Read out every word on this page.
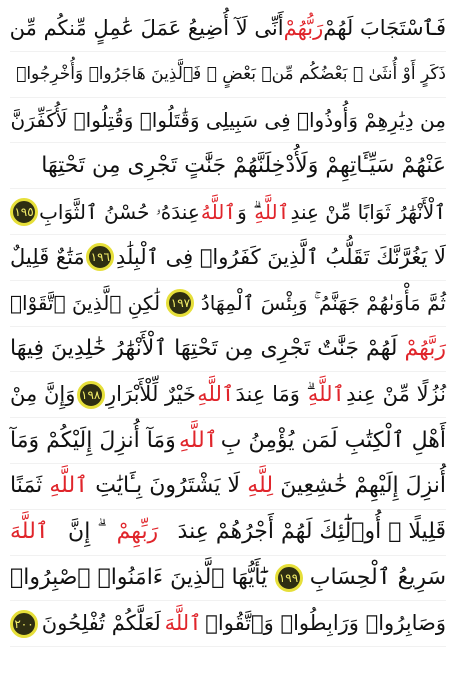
فَٱسْتَجَابَ لَهُمْ
رَبُّهُمْ
أَنِّى لَآ أُضِيعُ عَمَلَ عَٰمِلٍ مِّنكُم مِّن
ذَكَرٍ أَوْ أُنثَىٰ ۖ بَعْضُكُم مِّنۢ بَعْضٍ ۖ فَٱلَّذِينَ هَاجَرُوا۟ وَأُخْرِجُوا۟
مِن دِيَٰرِهِمْ وَأُوذُوا۟ فِى سَبِيلِى وَقَٰتَلُوا۟ وَقُتِلُوا۟ لَأُكَفِّرَنَّ
عَنْهُمْ سَيِّـَٔاتِهِمْ وَلَأُدْخِلَنَّهُمْ جَنَّٰتٍ تَجْرِى مِن تَحْتِهَا
ٱلْأَنْهَٰرُ ثَوَابًا مِّنْ عِندِ
ٱللَّهِ
ۗ وَ
ٱللَّهُ
عِندَهُۥ حُسْنُ ٱلثَّوَابِ
١٩٥
لَا يَغُرَّنَّكَ تَقَلُّبُ ٱلَّذِينَ كَفَرُوا۟ فِى ٱلْبِلَٰدِ
١٩٦
مَتَٰعٌ قَلِيلٌ
ثُمَّ مَأْوَىٰهُمْ جَهَنَّمُ ۚ وَبِئْسَ ٱلْمِهَادُ
١٩٧
لَٰكِنِ ٱلَّذِينَ ٱتَّقَوْا۟
رَبَّهُمْ
لَهُمْ جَنَّٰتٌ تَجْرِى مِن تَحْتِهَا ٱلْأَنْهَٰرُ خَٰلِدِينَ فِيهَا
نُزُلًا مِّنْ عِندِ
ٱللَّهِ
ۗ وَمَا عِندَ
ٱللَّهِ
خَيْرٌ لِّلْأَبْرَارِ
١٩٨
وَإِنَّ مِنْ
أَهْلِ ٱلْكِتَٰبِ لَمَن يُؤْمِنُ بِ
ٱللَّهِ
وَمَآ أُنزِلَ إِلَيْكُمْ وَمَآ
أُنزِلَ إِلَيْهِمْ خَٰشِعِينَ
لِلَّهِ
لَا يَشْتَرُونَ بِـَٔايَٰتِ
ٱللَّهِ
ثَمَنًا
قَلِيلًا ۗ أُو۟لَٰٓئِكَ لَهُمْ أَجْرُهُمْ عِندَ
رَبِّهِمْ
ۗ إِنَّ
ٱللَّهَ
سَرِيعُ ٱلْحِسَابِ
١٩٩
يَٰٓأَيُّهَا ٱلَّذِينَ ءَامَنُوا۟ ٱصْبِرُوا۟
وَصَابِرُوا۟ وَرَابِطُوا۟ وَٱتَّقُوا۟
ٱللَّهَ
لَعَلَّكُمْ تُفْلِحُونَ
٢٠٠
